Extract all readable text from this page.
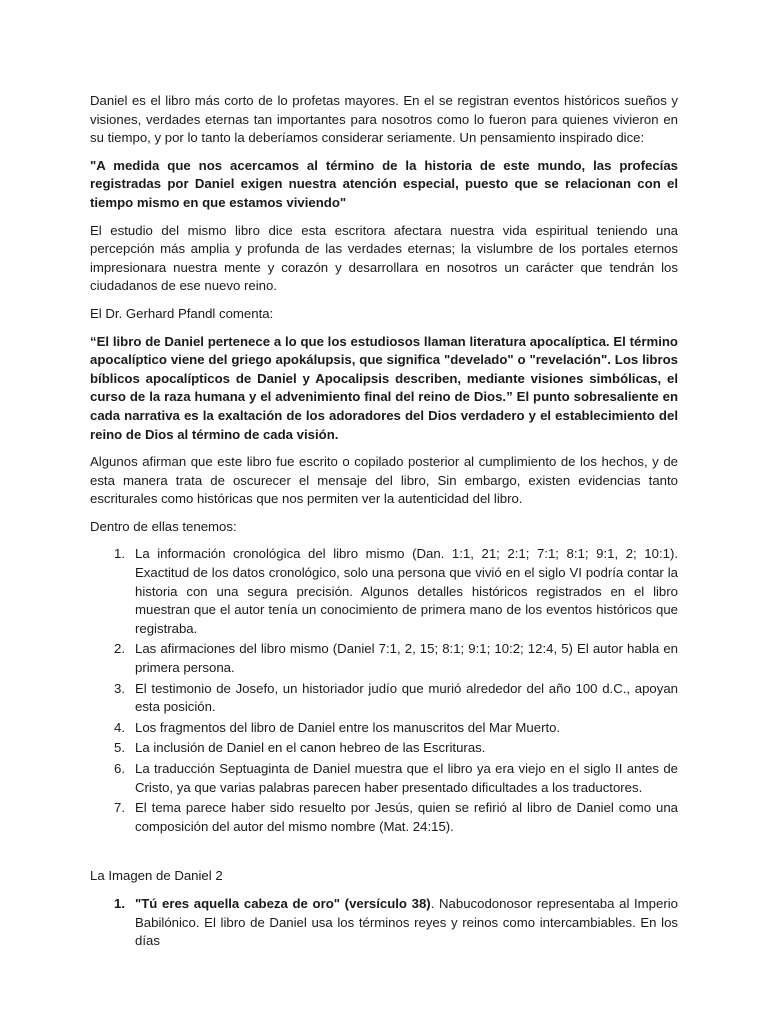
Daniel es el libro más corto de lo profetas mayores. En el se registran eventos históricos sueños y visiones, verdades eternas tan importantes para nosotros como lo fueron para quienes vivieron en su tiempo, y por lo tanto la deberíamos considerar seriamente. Un pensamiento inspirado dice:

"A medida que nos acercamos al término de la historia de este mundo, las profecías registradas por Daniel exigen nuestra atención especial, puesto que se relacionan con el tiempo mismo en que estamos viviendo"

El estudio del mismo libro dice esta escritora afectara nuestra vida espiritual teniendo una percepción más amplia y profunda de las verdades eternas; la vislumbre de los portales eternos impresionara nuestra mente y corazón y desarrollara en nosotros un carácter que tendrán los ciudadanos de ese nuevo reino.

El Dr. Gerhard Pfandl comenta:

“El libro de Daniel pertenece a lo que los estudiosos llaman literatura apocalíptica. El término apocalíptico viene del griego apokálupsis, que significa "develado" o "revelación". Los libros bíblicos apocalípticos de Daniel y Apocalipsis describen, mediante visiones simbólicas, el curso de la raza humana y el advenimiento final del reino de Dios.” El punto sobresaliente en cada narrativa es la exaltación de los adoradores del Dios verdadero y el establecimiento del reino de Dios al término de cada visión.

Algunos afirman que este libro fue escrito o copilado posterior al cumplimiento de los hechos, y de esta manera trata de oscurecer el mensaje del libro, Sin embargo, existen evidencias tanto escriturales como históricas que nos permiten ver la autenticidad del libro.

Dentro de ellas tenemos:

1. La información cronológica del libro mismo (Dan. 1:1, 21; 2:1; 7:1; 8:1; 9:1, 2; 10:1). Exactitud de los datos cronológico, solo una persona que vivió en el siglo VI podría contar la historia con una segura precisión. Algunos detalles históricos registrados en el libro muestran que el autor tenía un conocimiento de primera mano de los eventos históricos que registraba.
2. Las afirmaciones del libro mismo (Daniel 7:1, 2, 15; 8:1; 9:1; 10:2; 12:4, 5) El autor habla en primera persona.
3. El testimonio de Josefo, un historiador judío que murió alrededor del año 100 d.C., apoyan esta posición.
4. Los fragmentos del libro de Daniel entre los manuscritos del Mar Muerto.
5. La inclusión de Daniel en el canon hebreo de las Escrituras.
6. La traducción Septuaginta de Daniel muestra que el libro ya era viejo en el siglo II antes de Cristo, ya que varias palabras parecen haber presentado dificultades a los traductores.
7. El tema parece haber sido resuelto por Jesús, quien se refirió al libro de Daniel como una composición del autor del mismo nombre (Mat. 24:15).

La Imagen de Daniel 2

1. "Tú eres aquella cabeza de oro" (versículo 38). Nabucodonosor representaba al Imperio Babilónico. El libro de Daniel usa los términos reyes y reinos como intercambiables. En los días
